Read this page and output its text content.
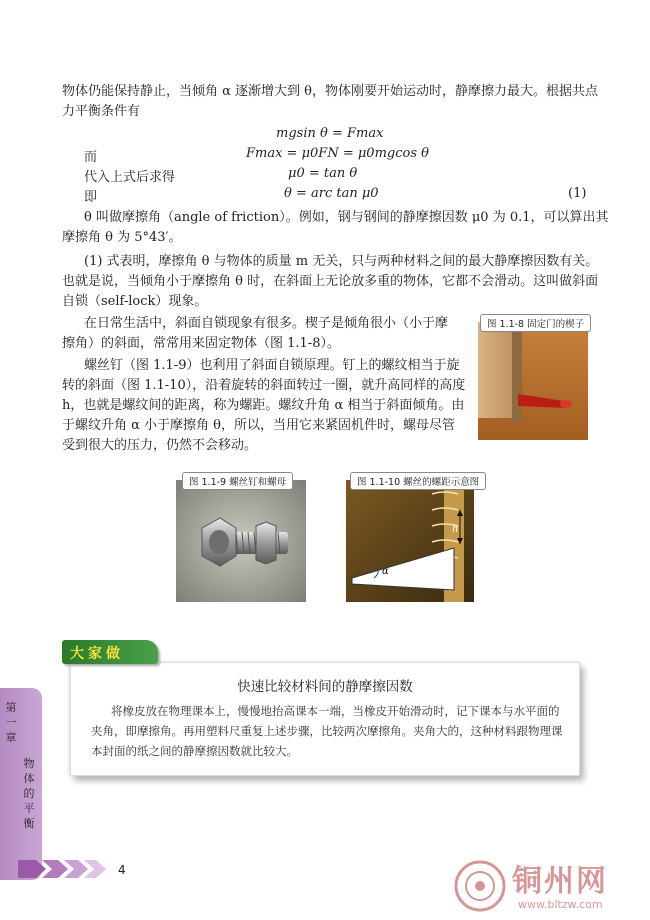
物体仍能保持静止，当倾角 α 逐渐增大到 θ，物体刚要开始运动时，静摩擦力最大。根据共点
力平衡条件有
mgsin θ = Fmax
而	Fmax = μ0FN = μ0mgcos θ
代入上式后求得	μ0 = tan θ
即	θ = arc tan μ0	(1)
θ 叫做摩擦角（angle of friction）。例如，钢与钢间的静摩擦因数 μ0 为 0.1，可以算出其
摩擦角 θ 为 5°43′。
(1) 式表明，摩擦角 θ 与物体的质量 m 无关，只与两种材料之间的最大静摩擦因数有关。
也就是说，当倾角小于摩擦角 θ 时，在斜面上无论放多重的物体，它都不会滑动。这叫做斜面
自锁（self-lock）现象。
在日常生活中，斜面自锁现象有很多。楔子是倾角很小（小于摩
擦角）的斜面，常常用来固定物体（图 1.1-8）。
螺丝钉（图 1.1-9）也利用了斜面自锁原理。钉上的螺纹相当于旋
转的斜面（图 1.1-10），沿着旋转的斜面转过一圈，就升高同样的高度
h，也就是螺纹间的距离，称为螺距。螺纹升角 α 相当于斜面倾角。由
于螺纹升角 α 小于摩擦角 θ，所以，当用它来紧固机件时，螺母尽管
受到很大的压力，仍然不会移动。
图 1.1-8 固定门的楔子
图 1.1-9 螺丝钉和螺母
α
h
图 1.1-10 螺丝的螺距示意图
快速比较材料间的静摩擦因数
将橡皮放在物理课本上，慢慢地抬高课本一端，当橡皮开始滑动时，记下课本与水平面的
夹角，即摩擦角。再用塑料尺重复上述步骤，比较两次摩擦角。夹角大的，这种材料跟物理课
本封面的纸之间的静摩擦因数就比较大。
大家做
第一章
物体的平衡
4	铜州网
www.bltzw.com
